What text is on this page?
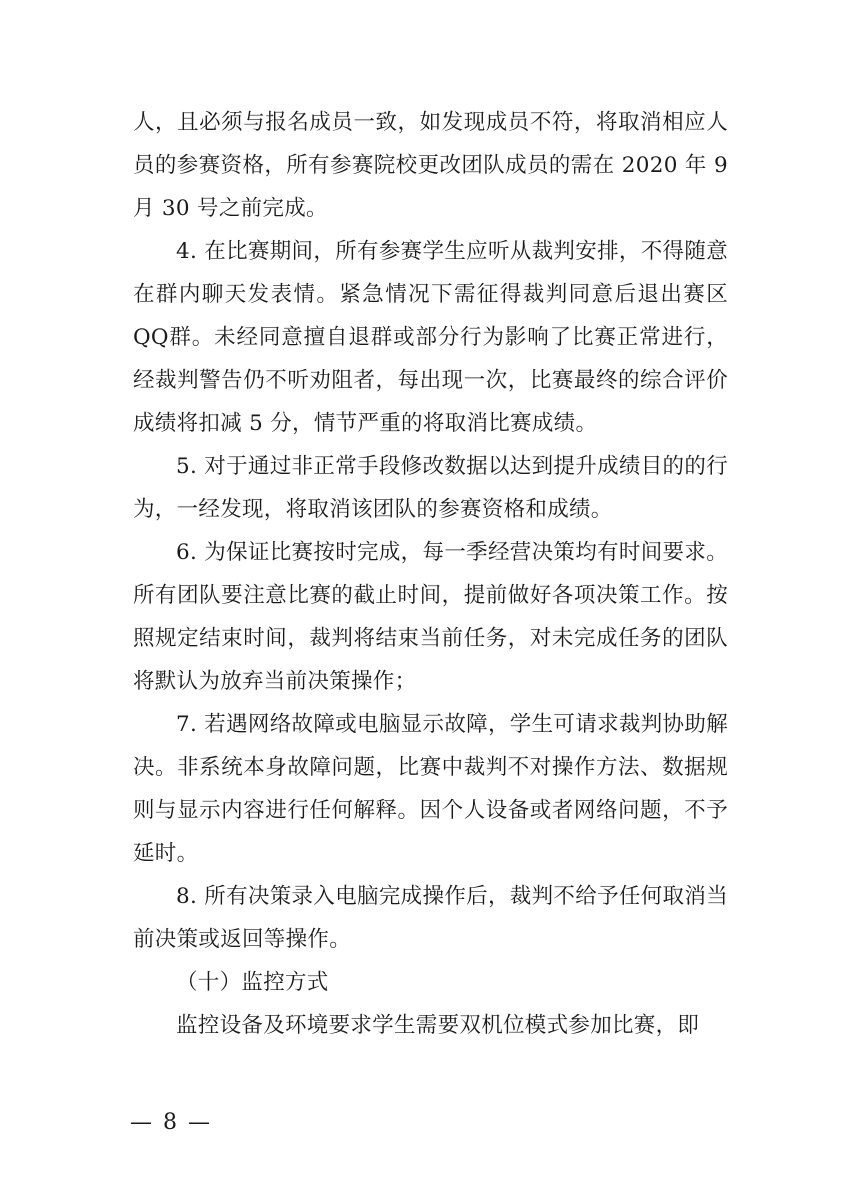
人，且必须与报名成员一致，如发现成员不符，将取消相应人员的参赛资格，所有参赛院校更改团队成员的需在 2020 年 9 月 30 号之前完成。

4. 在比赛期间，所有参赛学生应听从裁判安排，不得随意在群内聊天发表情。紧急情况下需征得裁判同意后退出赛区QQ群。未经同意擅自退群或部分行为影响了比赛正常进行，经裁判警告仍不听劝阻者，每出现一次，比赛最终的综合评价成绩将扣减 5 分，情节严重的将取消比赛成绩。

5. 对于通过非正常手段修改数据以达到提升成绩目的的行为，一经发现，将取消该团队的参赛资格和成绩。

6. 为保证比赛按时完成，每一季经营决策均有时间要求。所有团队要注意比赛的截止时间，提前做好各项决策工作。按照规定结束时间，裁判将结束当前任务，对未完成任务的团队将默认为放弃当前决策操作；

7. 若遇网络故障或电脑显示故障，学生可请求裁判协助解决。非系统本身故障问题，比赛中裁判不对操作方法、数据规则与显示内容进行任何解释。因个人设备或者网络问题，不予延时。

8. 所有决策录入电脑完成操作后，裁判不给予任何取消当前决策或返回等操作。

（十）监控方式

监控设备及环境要求学生需要双机位模式参加比赛，即

— 8 —
